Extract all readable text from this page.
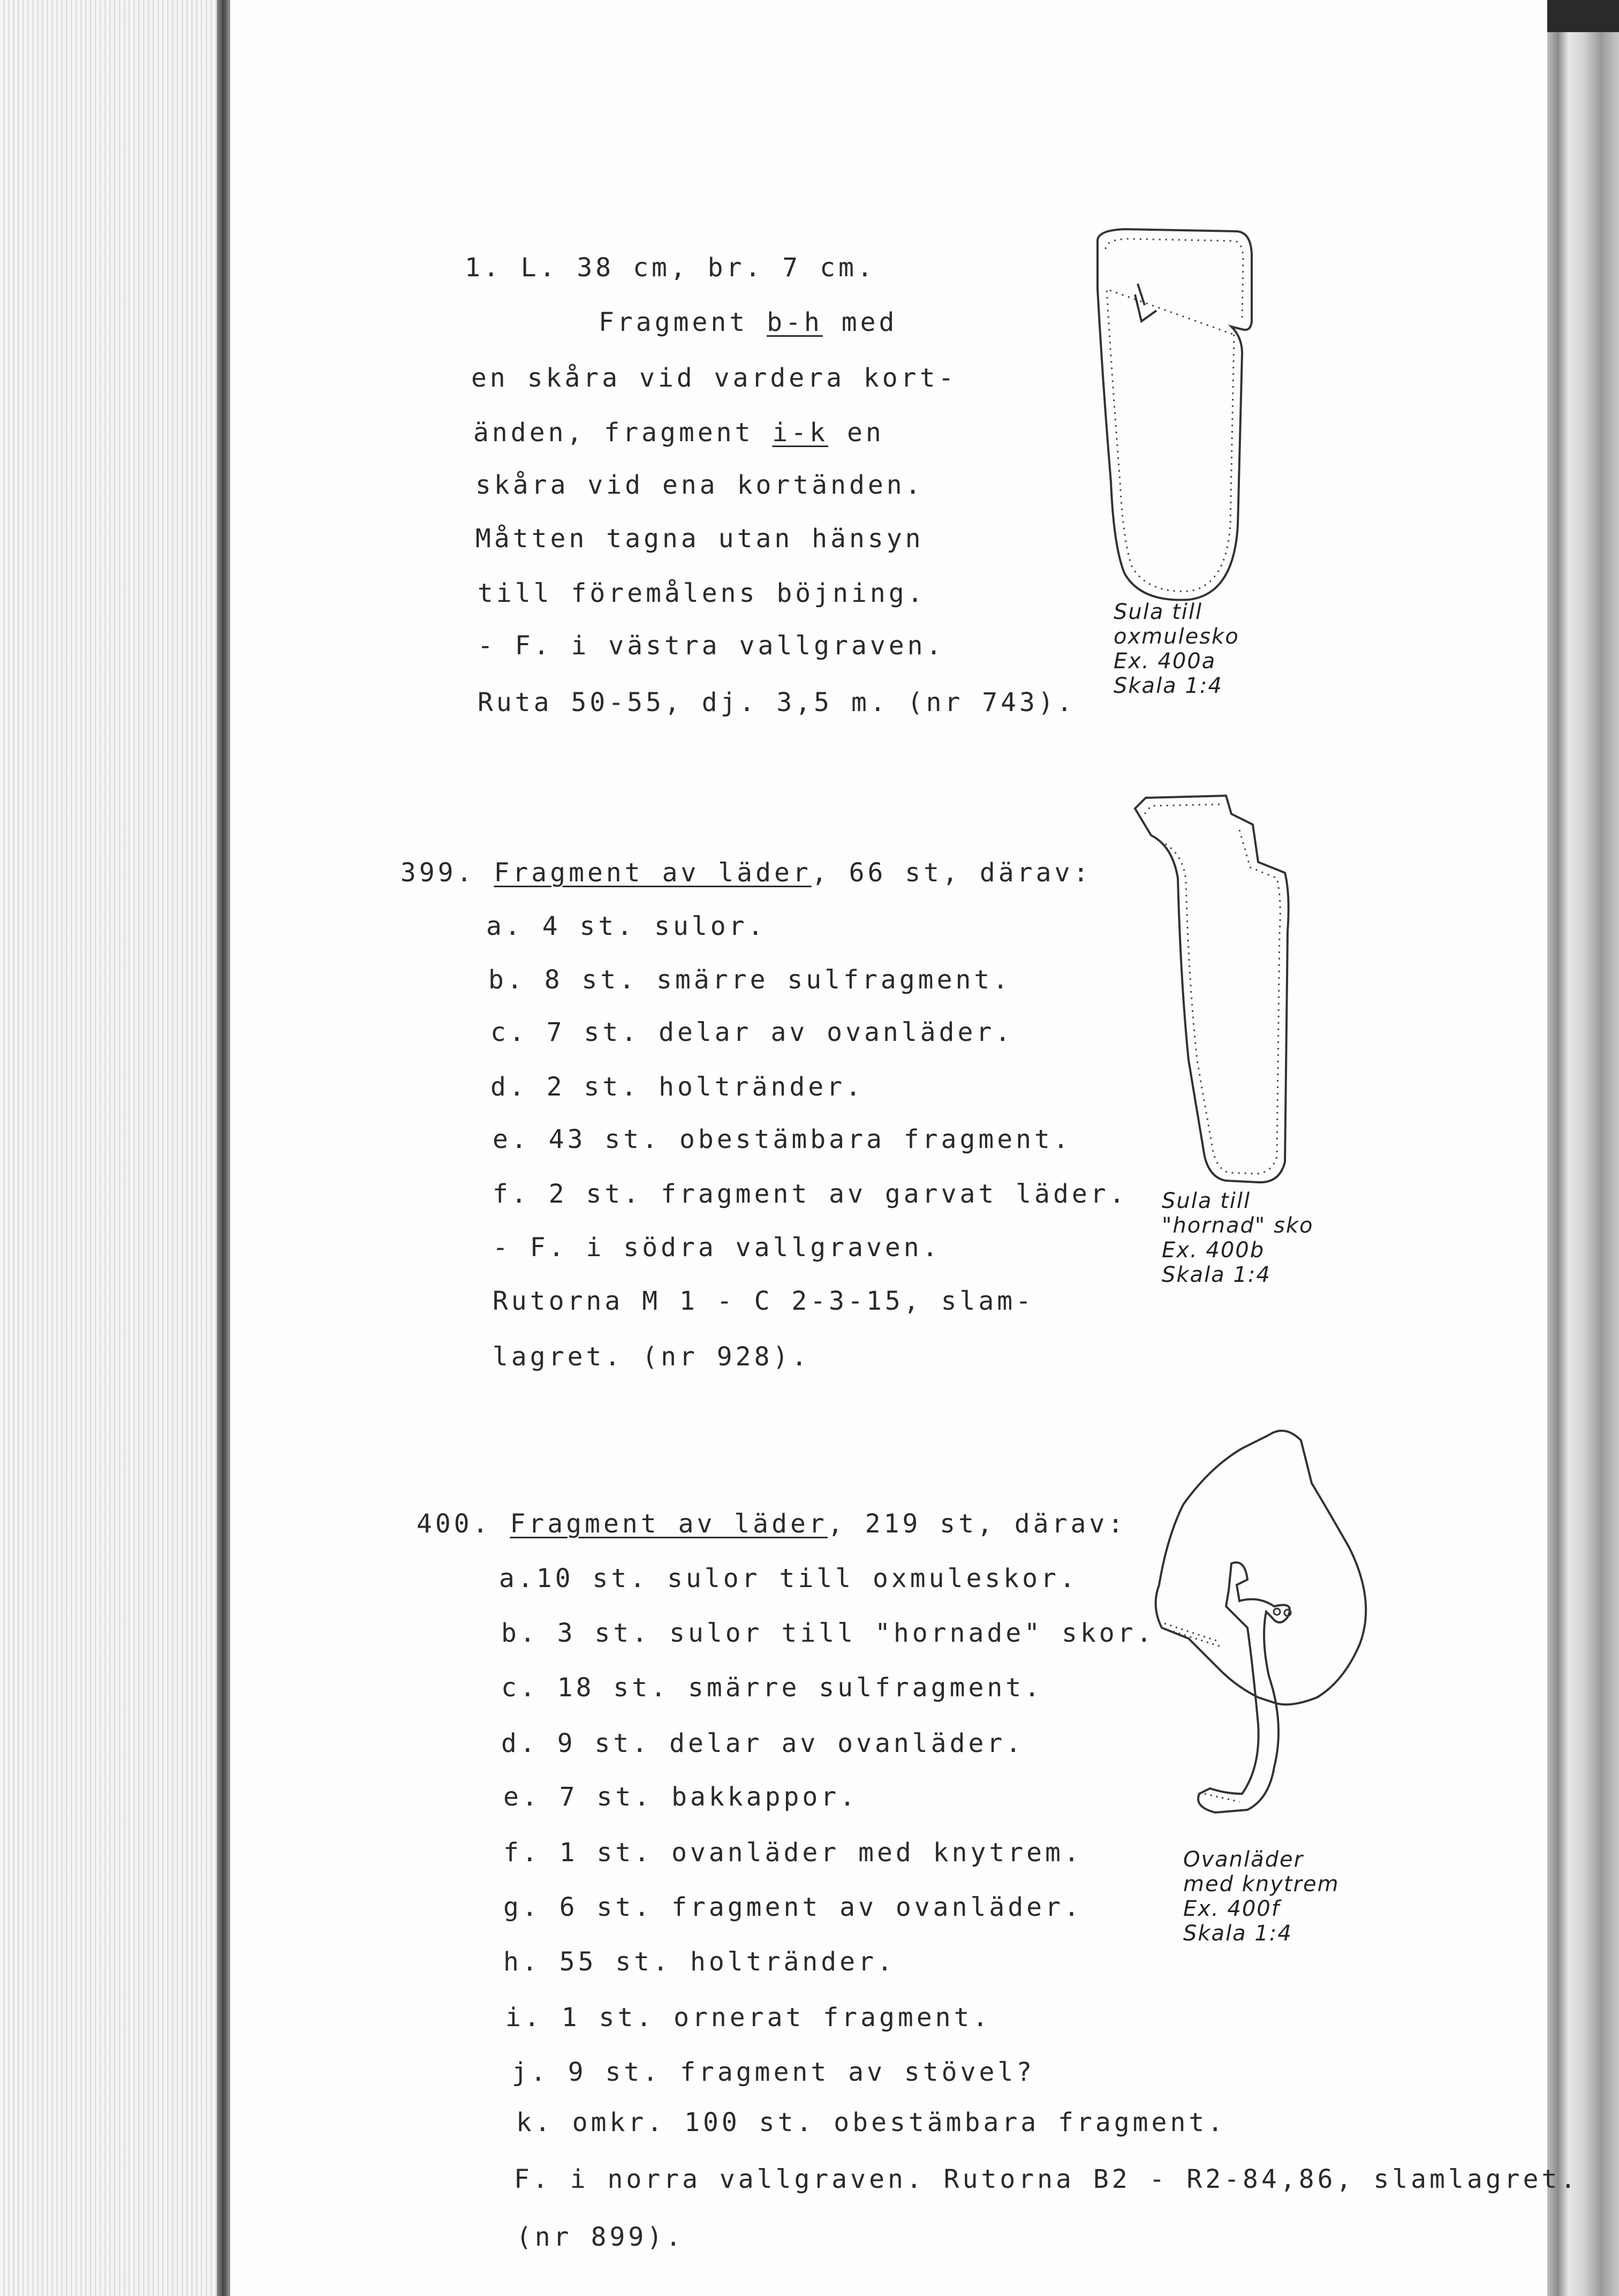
1. L. 38 cm, br. 7 cm.
Fragment b-h med
en skåra vid vardera kort-
änden, fragment i-k en
skåra vid ena kortänden.
Måtten tagna utan hänsyn
till föremålens böjning.
- F. i västra vallgraven.
Ruta 50-55, dj. 3,5 m. (nr 743).
399. Fragment av läder, 66 st, därav:
a. 4 st. sulor.
b. 8 st. smärre sulfragment.
c. 7 st. delar av ovanläder.
d. 2 st. holtränder.
e. 43 st. obestämbara fragment.
f. 2 st. fragment av garvat läder.
- F. i södra vallgraven.
Rutorna M 1 - C 2-3-15, slam-
lagret. (nr 928).
400. Fragment av läder, 219 st, därav:
a.10 st. sulor till oxmuleskor.
b. 3 st. sulor till "hornade" skor.
c. 18 st. smärre sulfragment.
d. 9 st. delar av ovanläder.
e. 7 st. bakkappor.
f. 1 st. ovanläder med knytrem.
g. 6 st. fragment av ovanläder.
h. 55 st. holtränder.
i. 1 st. ornerat fragment.
j. 9 st. fragment av stövel?
k. omkr. 100 st. obestämbara fragment.
F. i norra vallgraven. Rutorna B2 - R2-84,86, slamlagret.
(nr 899).
Sula till
oxmulesko
Ex. 400a
Skala 1:4
Sula till
"hornad" sko
Ex. 400b
Skala 1:4
Ovanläder
med knytrem
Ex. 400f
Skala 1:4
